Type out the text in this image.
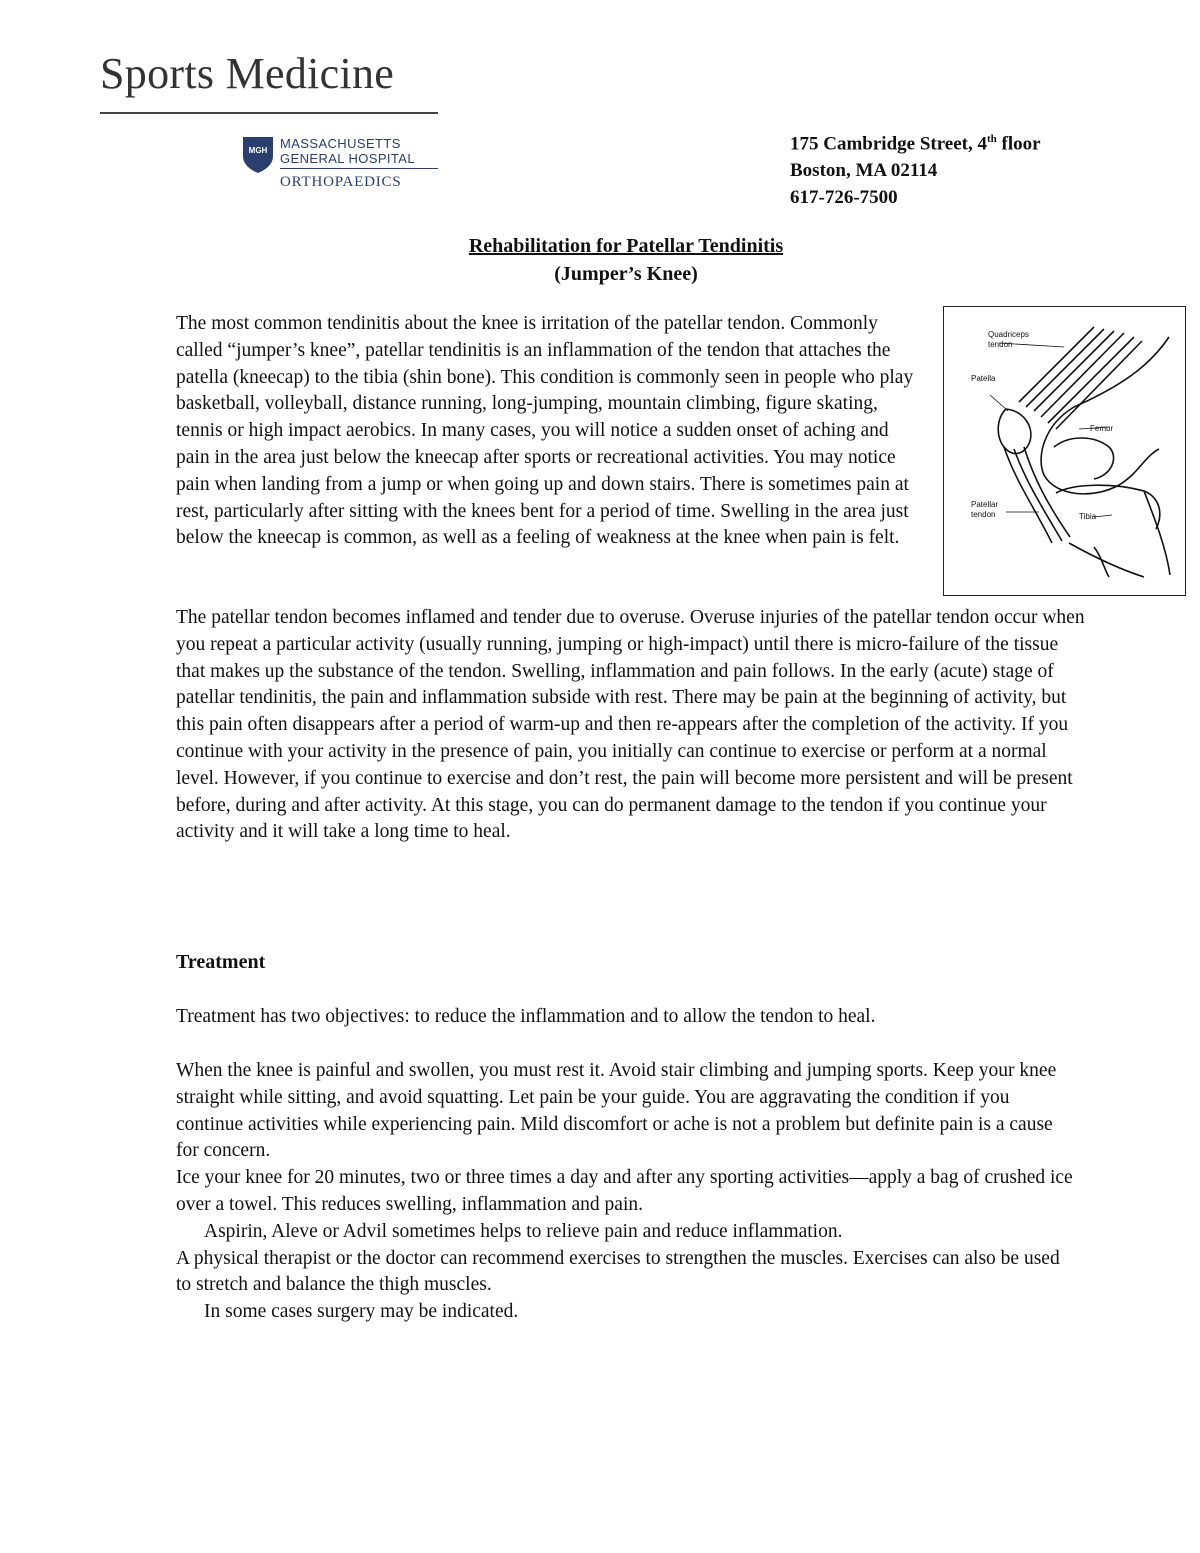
Sports Medicine
MGH MASSACHUSETTS
GENERAL HOSPITAL
ORTHOPAEDICS
175 Cambridge Street, 4th floor
Boston, MA 02114
617-726-7500
Rehabilitation for Patellar Tendinitis
(Jumper’s Knee)
Quadriceps
tendon
Patella
Femur
Patellar
tendon	Tibia
The most common tendinitis about the knee is irritation of the patellar tendon. Commonly called “jumper’s knee”, patellar tendinitis is an inflammation of the tendon that attaches the patella (kneecap) to the tibia (shin bone). This condition is commonly seen in people who play basketball, volleyball, distance running, long-jumping, mountain climbing, figure skating, tennis or high impact aerobics. In many cases, you will notice a sudden onset of aching and pain in the area just below the kneecap after sports or recreational activities. You may notice pain when landing from a jump or when going up and down stairs. There is sometimes pain at rest, particularly after sitting with the knees bent for a period of time. Swelling in the area just below the kneecap is common, as well as a feeling of weakness at the knee when pain is felt.
The patellar tendon becomes inflamed and tender due to overuse. Overuse injuries of the patellar tendon occur when you repeat a particular activity (usually running, jumping or high-impact) until there is micro-failure of the tissue that makes up the substance of the tendon. Swelling, inflammation and pain follows. In the early (acute) stage of patellar tendinitis, the pain and inflammation subside with rest. There may be pain at the beginning of activity, but this pain often disappears after a period of warm-up and then re-appears after the completion of the activity. If you continue with your activity in the presence of pain, you initially can continue to exercise or perform at a normal level. However, if you continue to exercise and don’t rest, the pain will become more persistent and will be present before, during and after activity. At this stage, you can do permanent damage to the tendon if you continue your activity and it will take a long time to heal.
Treatment
Treatment has two objectives: to reduce the inflammation and to allow the tendon to heal.
When the knee is painful and swollen, you must rest it. Avoid stair climbing and jumping sports. Keep your knee straight while sitting, and avoid squatting. Let pain be your guide. You are aggravating the condition if you continue activities while experiencing pain. Mild discomfort or ache is not a problem but definite pain is a cause for concern.
Ice your knee for 20 minutes, two or three times a day and after any sporting activities—apply a bag of crushed ice over a towel. This reduces swelling, inflammation and pain.
Aspirin, Aleve or Advil sometimes helps to relieve pain and reduce inflammation.
A physical therapist or the doctor can recommend exercises to strengthen the muscles. Exercises can also be used to stretch and balance the thigh muscles.
In some cases surgery may be indicated.
